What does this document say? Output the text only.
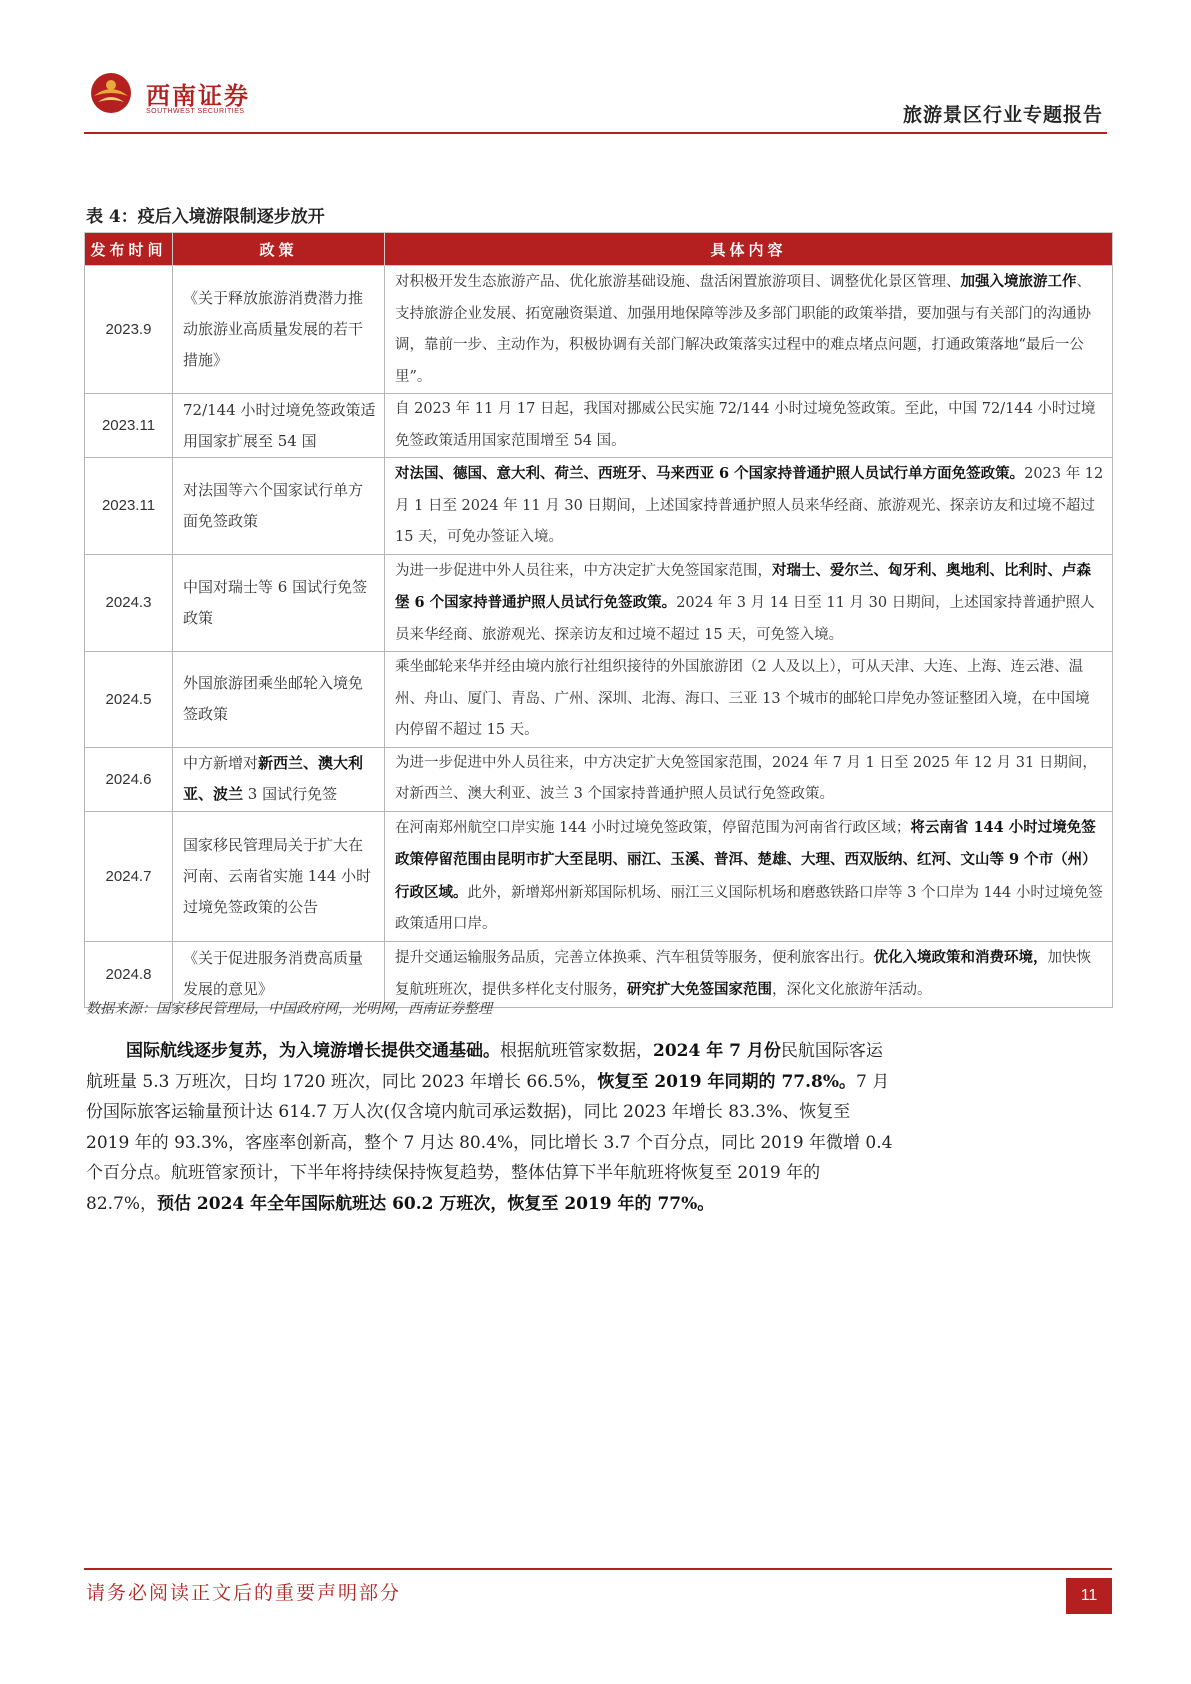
西南证券
SOUTHWEST SECURITIES	旅游景区行业专题报告
表 4：疫后入境游限制逐步放开
发布时间	政策	具体内容
2023.9	《关于释放旅游消费潜力推动旅游业高质量发展的若干措施》	对积极开发生态旅游产品、优化旅游基础设施、盘活闲置旅游项目、调整优化景区管理、加强入境旅游工作、支持旅游企业发展、拓宽融资渠道、加强用地保障等涉及多部门职能的政策举措，要加强与有关部门的沟通协调，靠前一步、主动作为，积极协调有关部门解决政策落实过程中的难点堵点问题，打通政策落地“最后一公里”。
2023.11	72/144 小时过境免签政策适用国家扩展至 54 国	自 2023 年 11 月 17 日起，我国对挪威公民实施 72/144 小时过境免签政策。至此，中国 72/144 小时过境免签政策适用国家范围增至 54 国。
2023.11	对法国等六个国家试行单方面免签政策	对法国、德国、意大利、荷兰、西班牙、马来西亚 6 个国家持普通护照人员试行单方面免签政策。2023 年 12 月 1 日至 2024 年 11 月 30 日期间，上述国家持普通护照人员来华经商、旅游观光、探亲访友和过境不超过 15 天，可免办签证入境。
2024.3	中国对瑞士等 6 国试行免签政策	为进一步促进中外人员往来，中方决定扩大免签国家范围，对瑞士、爱尔兰、匈牙利、奥地利、比利时、卢森堡 6 个国家持普通护照人员试行免签政策。2024 年 3 月 14 日至 11 月 30 日期间，上述国家持普通护照人员来华经商、旅游观光、探亲访友和过境不超过 15 天，可免签入境。
2024.5	外国旅游团乘坐邮轮入境免签政策	乘坐邮轮来华并经由境内旅行社组织接待的外国旅游团（2 人及以上），可从天津、大连、上海、连云港、温州、舟山、厦门、青岛、广州、深圳、北海、海口、三亚 13 个城市的邮轮口岸免办签证整团入境，在中国境内停留不超过 15 天。
2024.6	中方新增对新西兰、澳大利亚、波兰 3 国试行免签	为进一步促进中外人员往来，中方决定扩大免签国家范围，2024 年 7 月 1 日至 2025 年 12 月 31 日期间，对新西兰、澳大利亚、波兰 3 个国家持普通护照人员试行免签政策。
2024.7	国家移民管理局关于扩大在河南、云南省实施 144 小时过境免签政策的公告	在河南郑州航空口岸实施 144 小时过境免签政策，停留范围为河南省行政区域；将云南省 144 小时过境免签政策停留范围由昆明市扩大至昆明、丽江、玉溪、普洱、楚雄、大理、西双版纳、红河、文山等 9 个市（州）行政区域。此外，新增郑州新郑国际机场、丽江三义国际机场和磨憨铁路口岸等 3 个口岸为 144 小时过境免签政策适用口岸。
2024.8	《关于促进服务消费高质量发展的意见》	提升交通运输服务品质，完善立体换乘、汽车租赁等服务，便利旅客出行。优化入境政策和消费环境，加快恢复航班班次，提供多样化支付服务，研究扩大免签国家范围，深化文化旅游年活动。
数据来源：国家移民管理局，中国政府网，光明网，西南证券整理
国际航线逐步复苏，为入境游增长提供交通基础。根据航班管家数据，2024 年 7 月份民航国际客运航班量 5.3 万班次，日均 1720 班次，同比 2023 年增长 66.5%，恢复至 2019 年同期的 77.8%。7 月份国际旅客运输量预计达 614.7 万人次(仅含境内航司承运数据)，同比 2023 年增长 83.3%、恢复至 2019 年的 93.3%，客座率创新高，整个 7 月达 80.4%，同比增长 3.7 个百分点，同比 2019 年微增 0.4 个百分点。航班管家预计，下半年将持续保持恢复趋势，整体估算下半年航班将恢复至 2019 年的 82.7%，预估 2024 年全年国际航班达 60.2 万班次，恢复至 2019 年的 77%。
请务必阅读正文后的重要声明部分	11
